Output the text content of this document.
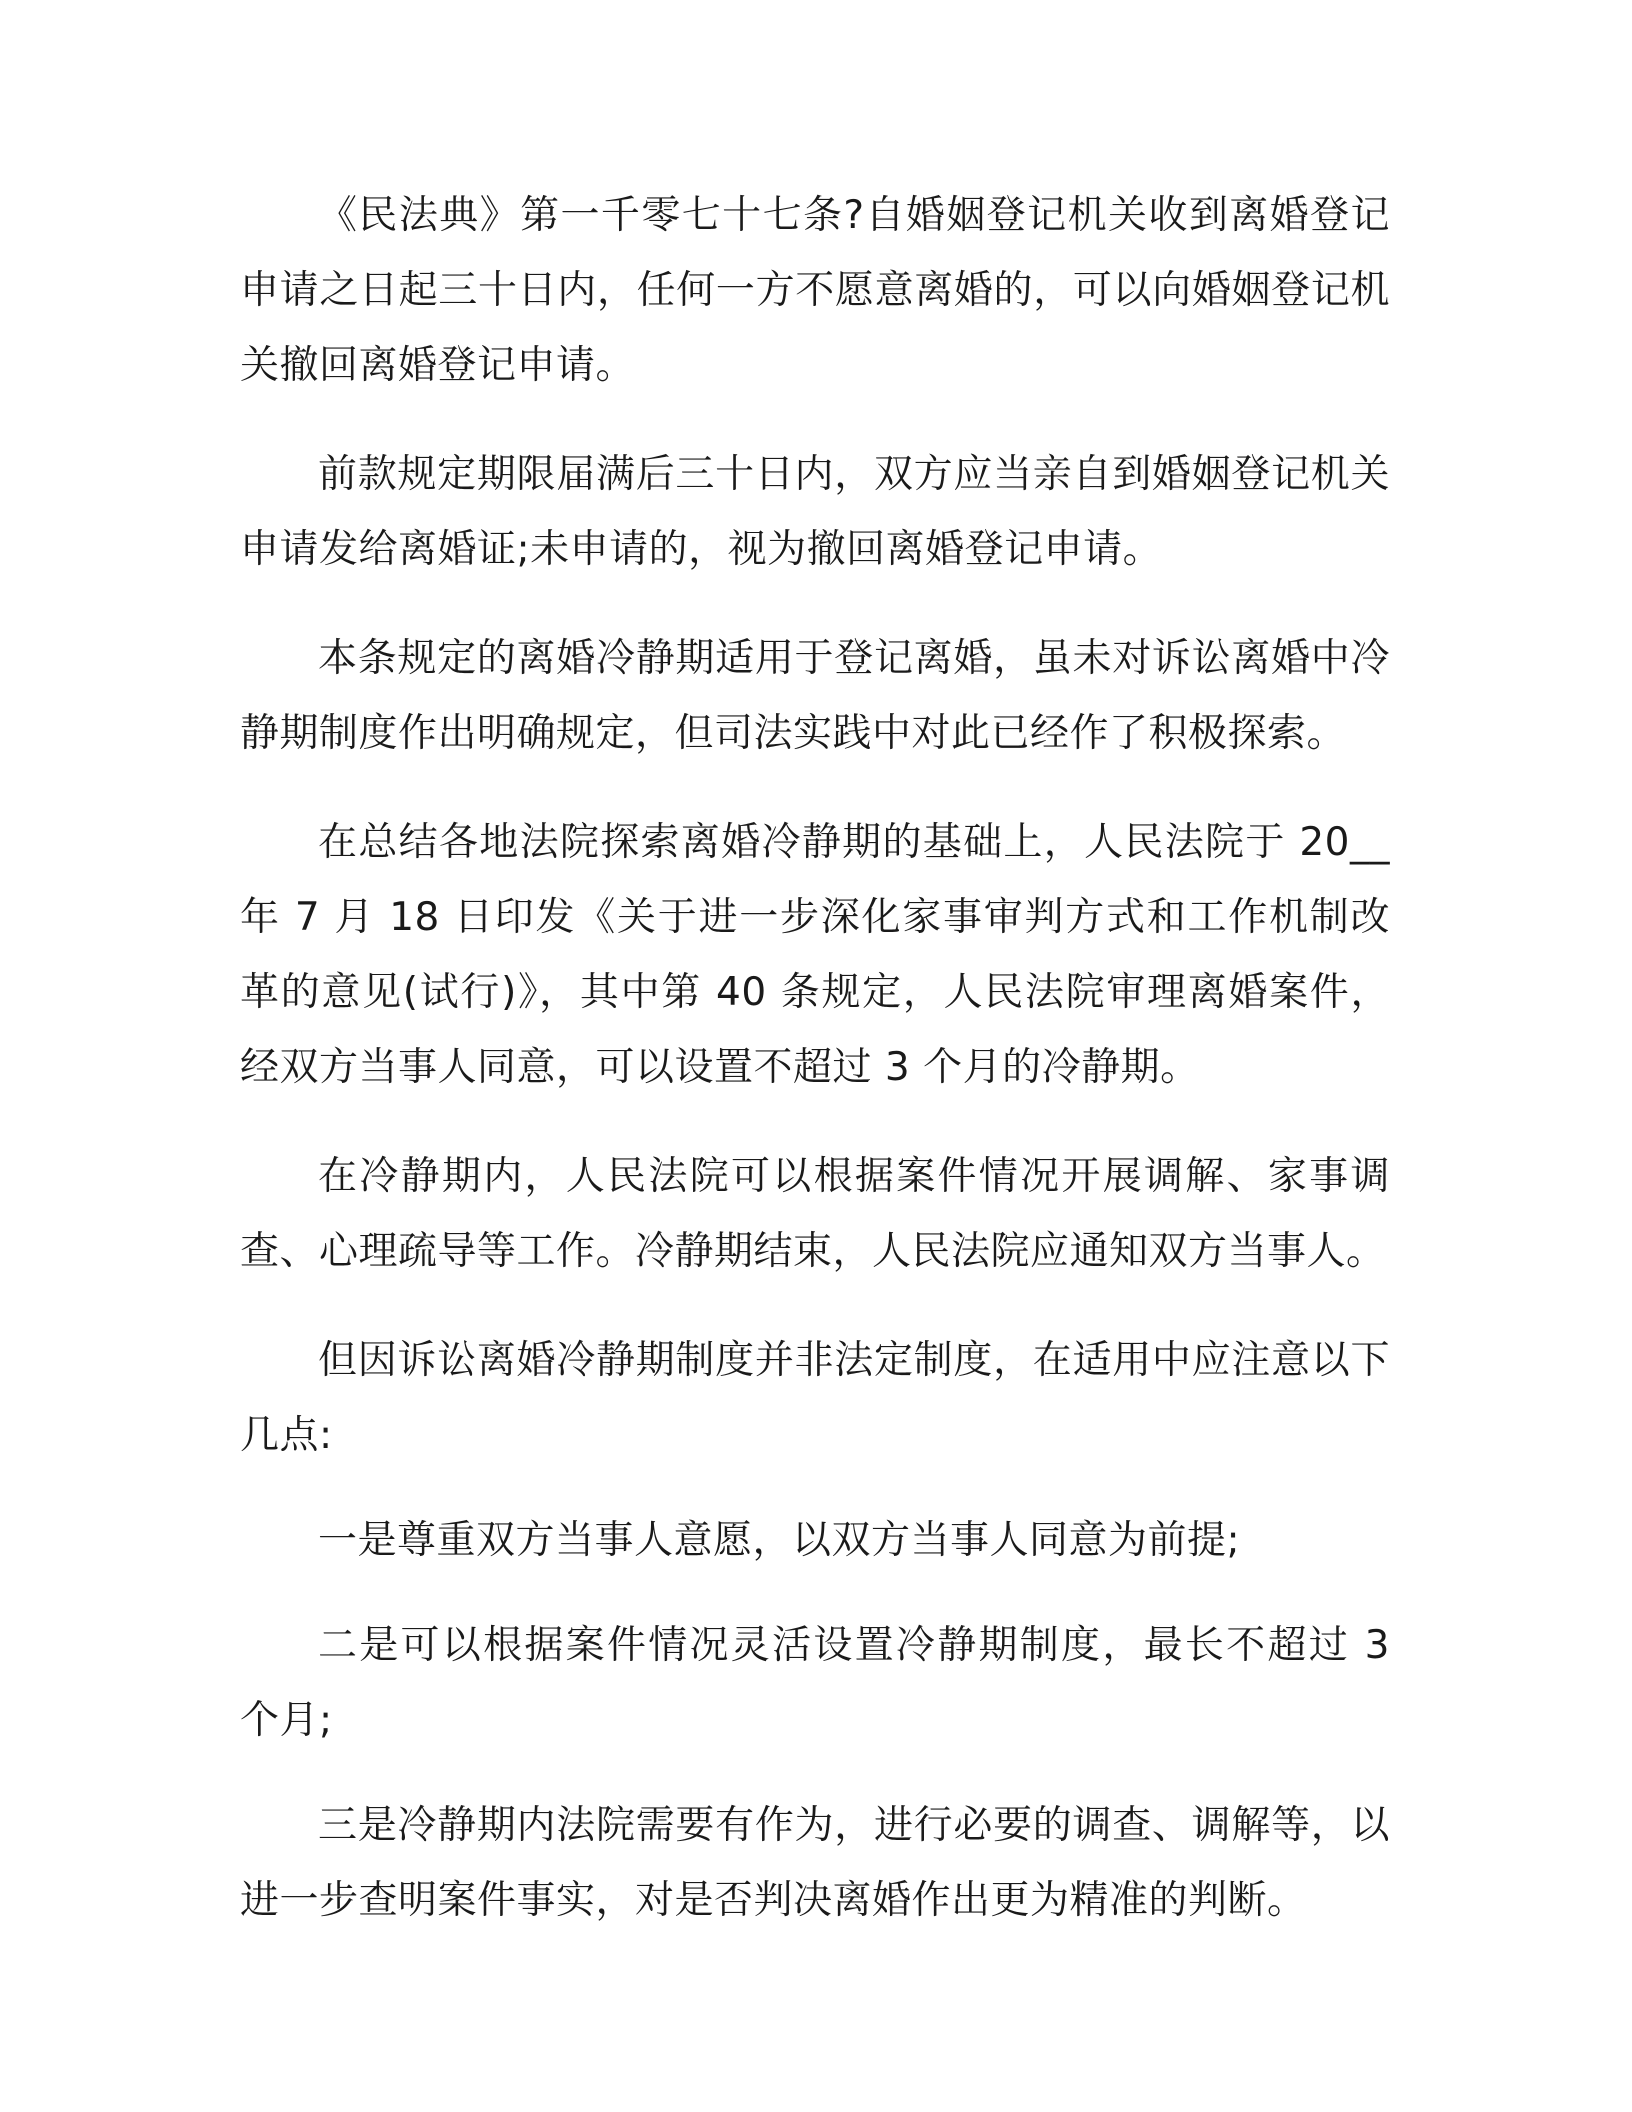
《民法典》第一千零七十七条?自婚姻登记机关收到离婚登记申请之日起三十日内，任何一方不愿意离婚的，可以向婚姻登记机关撤回离婚登记申请。

前款规定期限届满后三十日内，双方应当亲自到婚姻登记机关申请发给离婚证;未申请的，视为撤回离婚登记申请。

本条规定的离婚冷静期适用于登记离婚，虽未对诉讼离婚中冷静期制度作出明确规定，但司法实践中对此已经作了积极探索。

在总结各地法院探索离婚冷静期的基础上，人民法院于 20__年 7 月 18 日印发《关于进一步深化家事审判方式和工作机制改革的意见(试行)》，其中第 40 条规定，人民法院审理离婚案件，经双方当事人同意，可以设置不超过 3 个月的冷静期。

在冷静期内，人民法院可以根据案件情况开展调解、家事调查、心理疏导等工作。冷静期结束，人民法院应通知双方当事人。

但因诉讼离婚冷静期制度并非法定制度，在适用中应注意以下几点:

一是尊重双方当事人意愿，以双方当事人同意为前提;

二是可以根据案件情况灵活设置冷静期制度，最长不超过 3 个月;

三是冷静期内法院需要有作为，进行必要的调查、调解等，以进一步查明案件事实，对是否判决离婚作出更为精准的判断。
